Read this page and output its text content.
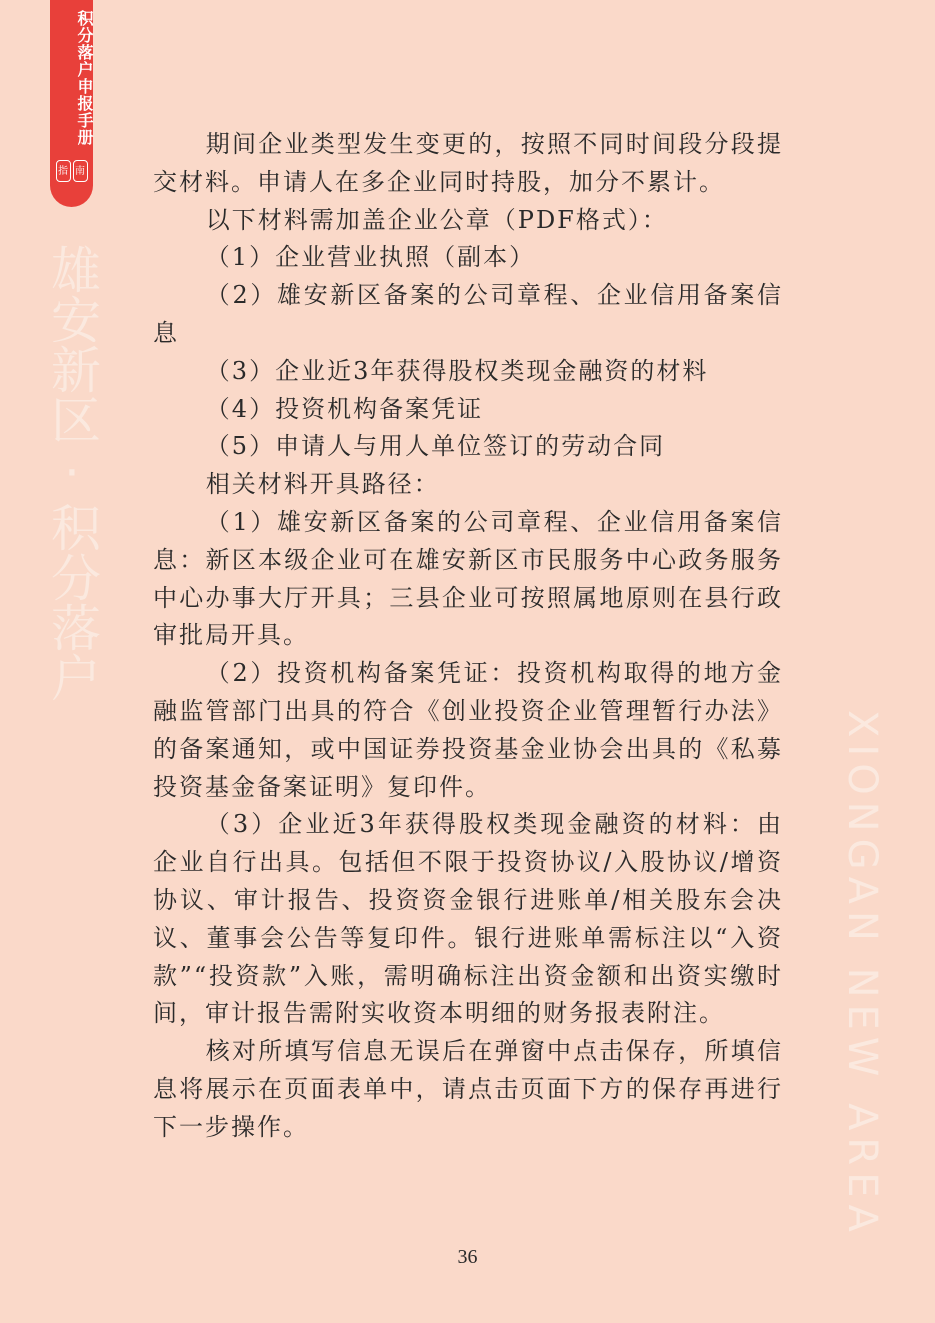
积分落户申报手册
指 南
雄安新区·积分落户
XIONGAN NEW AREA

期间企业类型发生变更的，按照不同时间段分段提交材料。申请人在多企业同时持股，加分不累计。

以下材料需加盖企业公章（PDF格式）：

（1）企业营业执照（副本）

（2）雄安新区备案的公司章程、企业信用备案信息

（3）企业近3年获得股权类现金融资的材料

（4）投资机构备案凭证

（5）申请人与用人单位签订的劳动合同

相关材料开具路径：

（1）雄安新区备案的公司章程、企业信用备案信息：新区本级企业可在雄安新区市民服务中心政务服务中心办事大厅开具；三县企业可按照属地原则在县行政审批局开具。

（2）投资机构备案凭证：投资机构取得的地方金融监管部门出具的符合《创业投资企业管理暂行办法》的备案通知，或中国证券投资基金业协会出具的《私募投资基金备案证明》复印件。

（3）企业近3年获得股权类现金融资的材料：由企业自行出具。包括但不限于投资协议/入股协议/增资协议、审计报告、投资资金银行进账单/相关股东会决议、董事会公告等复印件。银行进账单需标注以“入资款”“投资款”入账，需明确标注出资金额和出资实缴时间，审计报告需附实收资本明细的财务报表附注。

核对所填写信息无误后在弹窗中点击保存，所填信息将展示在页面表单中，请点击页面下方的保存再进行下一步操作。

36
